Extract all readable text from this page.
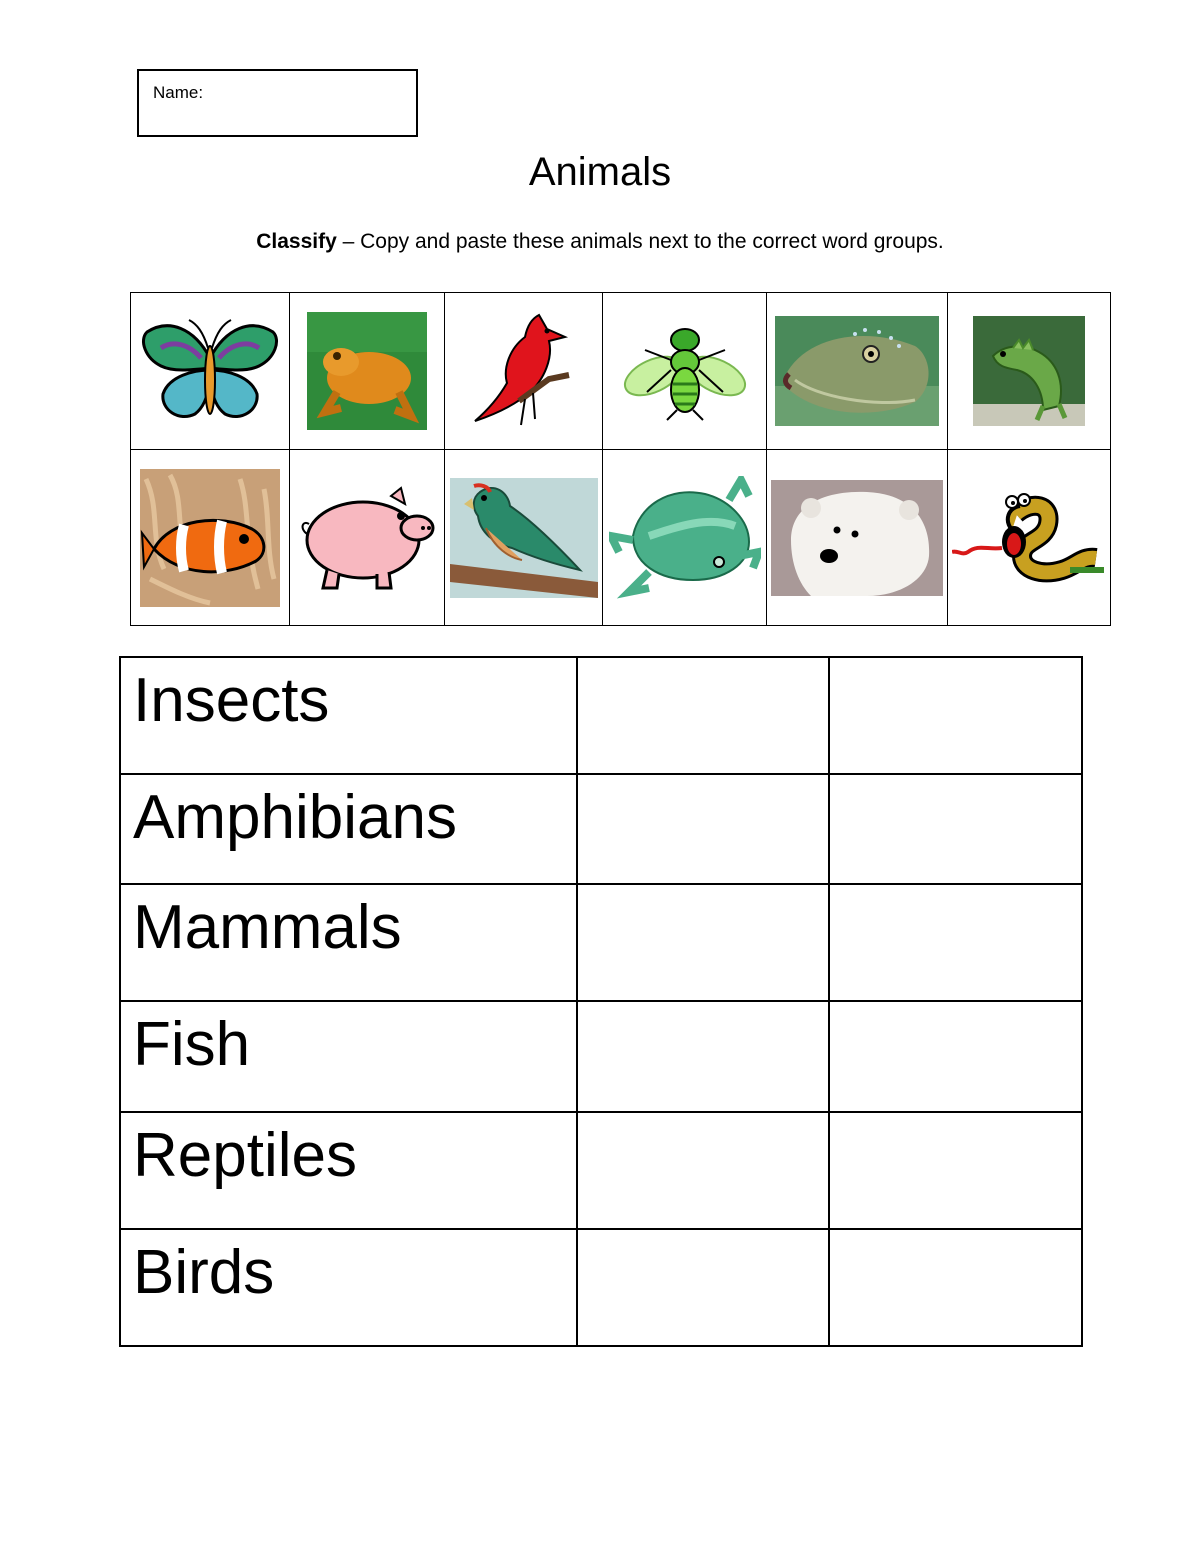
Name:
Animals
Classify – Copy and paste these animals next to the correct word groups.

Insects		
Amphibians		
Mammals		
Fish		
Reptiles		
Birds		
